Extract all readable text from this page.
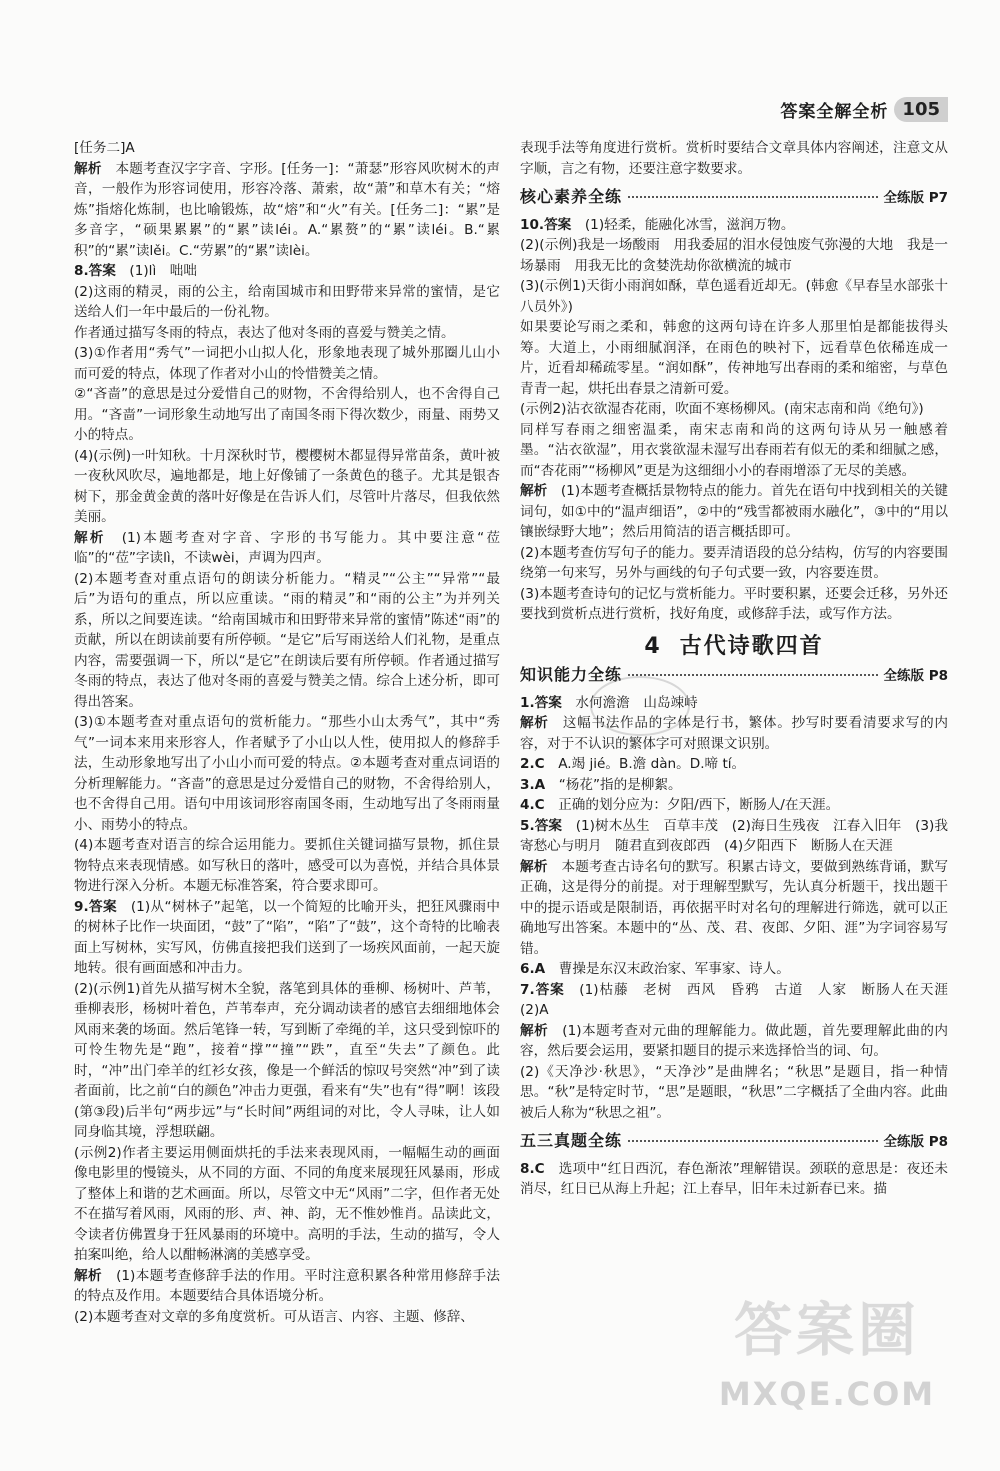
答案全解全析 105

[任务二]A

解析　本题考查汉字字音、字形。[任务一]：“萧瑟”形容风吹树木的声音，一般作为形容词使用，形容冷落、萧索，故“萧”和草木有关；“熔炼”指熔化炼制，也比喻锻炼，故“熔”和“火”有关。[任务二]：“累”是多音字，“硕果累累”的“累”读léi。A.“累赘”的“累”读léi。B.“累积”的“累”读lěi。C.“劳累”的“累”读lèi。

8.答案　(1)lì　咄咄

(2)这雨的精灵，雨的公主，给南国城市和田野带来异常的蜜情，是它送给人们一年中最后的一份礼物。

作者通过描写冬雨的特点，表达了他对冬雨的喜爱与赞美之情。

(3)①作者用“秀气”一词把小山拟人化，形象地表现了城外那圈儿山小而可爱的特点，体现了作者对小山的怜惜赞美之情。

②“吝啬”的意思是过分爱惜自己的财物，不舍得给别人，也不舍得自己用。“吝啬”一词形象生动地写出了南国冬雨下得次数少，雨量、雨势又小的特点。

(4)(示例)一叶知秋。十月深秋时节，樱樱树木都显得异常苗条，黄叶被一夜秋风吹尽，遍地都是，地上好像铺了一条黄色的毯子。尤其是银杏树下，那金黄金黄的落叶好像是在告诉人们，尽管叶片落尽，但我依然美丽。

解析　(1)本题考查对字音、字形的书写能力。其中要注意“莅临”的“莅”字读lì，不读wèi，声调为四声。

(2)本题考查对重点语句的朗读分析能力。“精灵”“公主”“异常”“最后”为语句的重点，所以应重读。“雨的精灵”和“雨的公主”为并列关系，所以之间要连读。“给南国城市和田野带来异常的蜜情”陈述“雨”的贡献，所以在朗读前要有所停顿。“是它”后写雨送给人们礼物，是重点内容，需要强调一下，所以“是它”在朗读后要有所停顿。作者通过描写冬雨的特点，表达了他对冬雨的喜爱与赞美之情。综合上述分析，即可得出答案。

(3)①本题考查对重点语句的赏析能力。“那些小山太秀气”，其中“秀气”一词本来用来形容人，作者赋予了小山以人性，使用拟人的修辞手法，生动形象地写出了小山小而可爱的特点。②本题考查对重点词语的分析理解能力。“吝啬”的意思是过分爱惜自己的财物，不舍得给别人，也不舍得自己用。语句中用该词形容南国冬雨，生动地写出了冬雨雨量小、雨势小的特点。

(4)本题考查对语言的综合运用能力。要抓住关键词描写景物，抓住景物特点来表现情感。如写秋日的落叶，感受可以为喜悦，并结合具体景物进行深入分析。本题无标准答案，符合要求即可。

9.答案　(1)从“树林子”起笔，以一个简短的比喻开头，把狂风骤雨中的树林子比作一块面团，“鼓”了“陷”，“陷”了“鼓”，这个奇特的比喻表面上写树林，实写风，仿佛直接把我们送到了一场疾风面前，一起天旋地转。很有画面感和冲击力。

(2)(示例1)首先从描写树木全貌，落笔到具体的垂柳、杨树叶、芦苇，垂柳表形，杨树叶着色，芦苇奉声，充分调动读者的感官去细细地体会风雨来袭的场面。然后笔锋一转，写到断了牵绳的羊，这只受到惊吓的可怜生物先是“跑”，接着“撑”“撞”“跌”，直至“失去”了颜色。此时，“冲”出门牵羊的红衫女孩，像是一个鲜活的惊叹号突然“冲”到了读者面前，比之前“白的颜色”冲击力更强，看来有“失”也有“得”啊！该段(第③段)后半句“两步远”与“长时间”两组词的对比，令人寻味，让人如同身临其境，浮想联翩。

(示例2)作者主要运用侧面烘托的手法来表现风雨，一幅幅生动的画面像电影里的慢镜头，从不同的方面、不同的角度来展现狂风暴雨，形成了整体上和谐的艺术画面。所以，尽管文中无“风雨”二字，但作者无处不在描写着风雨，风雨的形、声、神、韵，无不惟妙惟肖。品读此文，令读者仿佛置身于狂风暴雨的环境中。高明的手法，生动的描写，令人拍案叫绝，给人以酣畅淋漓的美感享受。

解析　(1)本题考查修辞手法的作用。平时注意积累各种常用修辞手法的特点及作用。本题要结合具体语境分析。

(2)本题考查对文章的多角度赏析。可从语言、内容、主题、修辞、

表现手法等角度进行赏析。赏析时要结合文章具体内容阐述，注意文从字顺，言之有物，还要注意字数要求。

核心素养全练	全练版 P7

10.答案　(1)轻柔，能融化冰雪，滋润万物。

(2)(示例)我是一场酸雨　用我委屈的泪水侵蚀废气弥漫的大地　我是一场暴雨　用我无比的贪婪洗劫你欲横流的城市

(3)(示例1)天街小雨润如酥，草色遥看近却无。(韩愈《早春呈水部张十八员外》)

如果要论写雨之柔和，韩愈的这两句诗在许多人那里怕是都能拔得头筹。大道上，小雨细腻润泽，在雨色的映衬下，远看草色依稀连成一片，近看却稀疏零星。“润如酥”，传神地写出春雨的柔和缩密，与草色青青一起，烘托出春景之清新可爱。

(示例2)沾衣欲湿杏花雨，吹面不寒杨柳风。(南宋志南和尚《绝句》)

同样写春雨之细密温柔，南宋志南和尚的这两句诗从另一触感着墨。“沾衣欲湿”，用衣裳欲湿未湿写出春雨若有似无的柔和细腻之感，而“杏花雨”“杨柳风”更是为这细细小小的春雨增添了无尽的美感。

解析　(1)本题考查概括景物特点的能力。首先在语句中找到相关的关键词句，如①中的“温声细语”，②中的“残雪都被雨水融化”，③中的“用以镶嵌绿野大地”；然后用简洁的语言概括即可。

(2)本题考查仿写句子的能力。要弄清语段的总分结构，仿写的内容要围绕第一句来写，另外与画线的句子句式要一致，内容要连贯。

(3)本题考查诗句的记忆与赏析能力。平时要积累，还要会迁移，另外还要找到赏析点进行赏析，找好角度，或修辞手法，或写作方法。

4 古代诗歌四首
知识能力全练	全练版 P8

1.答案　水何澹澹　山岛竦峙

解析　这幅书法作品的字体是行书，繁体。抄写时要看清要求写的内容，对于不认识的繁体字可对照课文识别。

2.C　A.竭 jié。B.澹 dàn。D.啼 tí。

3.A　“杨花”指的是柳絮。

4.C　正确的划分应为：夕阳/西下，断肠人/在天涯。

5.答案　(1)树木丛生　百草丰茂　(2)海日生残夜　江春入旧年　(3)我寄愁心与明月　随君直到夜郎西　(4)夕阳西下　断肠人在天涯

解析　本题考查古诗名句的默写。积累古诗文，要做到熟练背诵，默写正确，这是得分的前提。对于理解型默写，先认真分析题干，找出题干中的提示语或是限制语，再依据平时对名句的理解进行筛选，就可以正确地写出答案。本题中的“丛、茂、君、夜郎、夕阳、涯”为字词容易写错。

6.A　曹操是东汉末政治家、军事家、诗人。

7.答案　(1)枯藤　老树　西风　昏鸦　古道　人家　断肠人在天涯　(2)A

解析　(1)本题考查对元曲的理解能力。做此题，首先要理解此曲的内容，然后要会运用，要紧扣题目的提示来选择恰当的词、句。

(2)《天净沙·秋思》，“天净沙”是曲牌名；“秋思”是题目，指一种情思。“秋”是特定时节，“思”是题眼，“秋思”二字概括了全曲内容。此曲被后人称为“秋思之祖”。

五三真题全练	全练版 P8

8.C　选项中“红日西沉，春色渐浓”理解错误。颈联的意思是：夜还未消尽，红日已从海上升起；江上春早，旧年未过新春已来。描

答案圈
MXQE.COM
